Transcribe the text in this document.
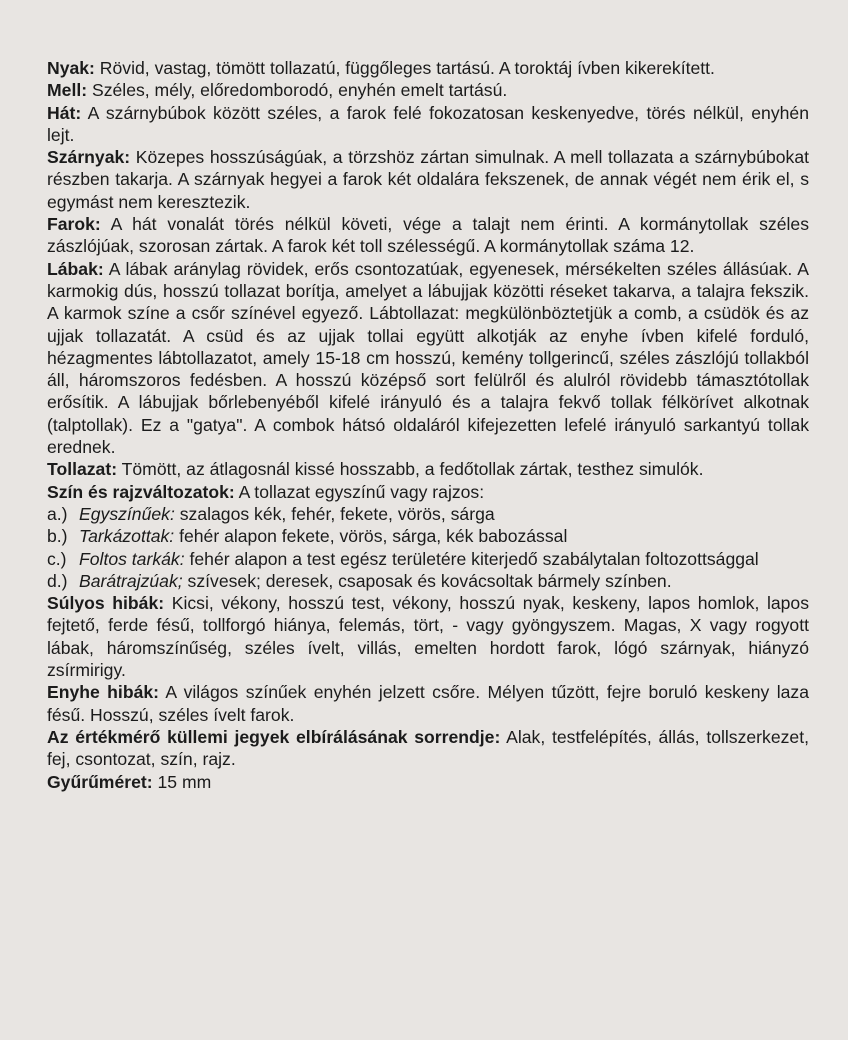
Nyak: Rövid, vastag, tömött tollazatú, függőleges tartású. A toroktáj ívben kikerekített.

Mell: Széles, mély, előredomborodó, enyhén emelt tartású.

Hát: A szárnybúbok között széles, a farok felé fokozatosan keskenyedve, törés nélkül, enyhén lejt.

Szárnyak: Közepes hosszúságúak, a törzshöz zártan simulnak. A mell tollazata a szárnybúbokat részben takarja. A szárnyak hegyei a farok két oldalára fekszenek, de annak végét nem érik el, s egymást nem keresztezik.

Farok: A hát vonalát törés nélkül követi, vége a talajt nem érinti. A kormánytollak széles zászlójúak, szorosan zártak. A farok két toll szélességű. A kormánytollak száma 12.

Lábak: A lábak aránylag rövidek, erős csontozatúak, egyenesek, mérsékelten széles állásúak. A karmokig dús, hosszú tollazat borítja, amelyet a lábujjak közötti réseket takarva, a talajra fekszik. A karmok színe a csőr színével egyező. Lábtollazat: megkülönböztetjük a comb, a csüdök és az ujjak tollazatát. A csüd és az ujjak tollai együtt alkotják az enyhe ívben kifelé forduló, hézagmentes lábtollazatot, amely 15-18 cm hosszú, kemény tollgerincű, széles zászlójú tollakból áll, háromszoros fedésben. A hosszú középső sort felülről és alulról rövidebb támasztótollak erősítik. A lábujjak bőrlebenyéből kifelé irányuló és a talajra fekvő tollak félkörívet alkotnak (talptollak). Ez a "gatya". A combok hátsó oldaláról kifejezetten lefelé irányuló sarkantyú tollak erednek.

Tollazat: Tömött, az átlagosnál kissé hosszabb, a fedőtollak zártak, testhez simulók.

Szín és rajzváltozatok: A tollazat egyszínű vagy rajzos:

a.) Egyszínűek: szalagos kék, fehér, fekete, vörös, sárga

b.) Tarkázottak: fehér alapon fekete, vörös, sárga, kék babozással

c.) Foltos tarkák: fehér alapon a test egész területére kiterjedő szabálytalan foltozottsággal

d.) Barátrajzúak; szívesek; deresek, csaposak és kovácsoltak bármely színben.

Súlyos hibák: Kicsi, vékony, hosszú test, vékony, hosszú nyak, keskeny, lapos homlok, lapos fejtető, ferde fésű, tollforgó hiánya, felemás, tört, - vagy gyöngyszem. Magas, X vagy rogyott lábak, háromszínűség, széles ívelt, villás, emelten hordott farok, lógó szárnyak, hiányzó zsírmirigy.

Enyhe hibák: A világos színűek enyhén jelzett csőre. Mélyen tűzött, fejre boruló keskeny laza fésű. Hosszú, széles ívelt farok.

Az értékmérő küllemi jegyek elbírálásának sorrendje: Alak, testfelépítés, állás, tollszerkezet, fej, csontozat, szín, rajz.

Gyűrűméret: 15 mm
